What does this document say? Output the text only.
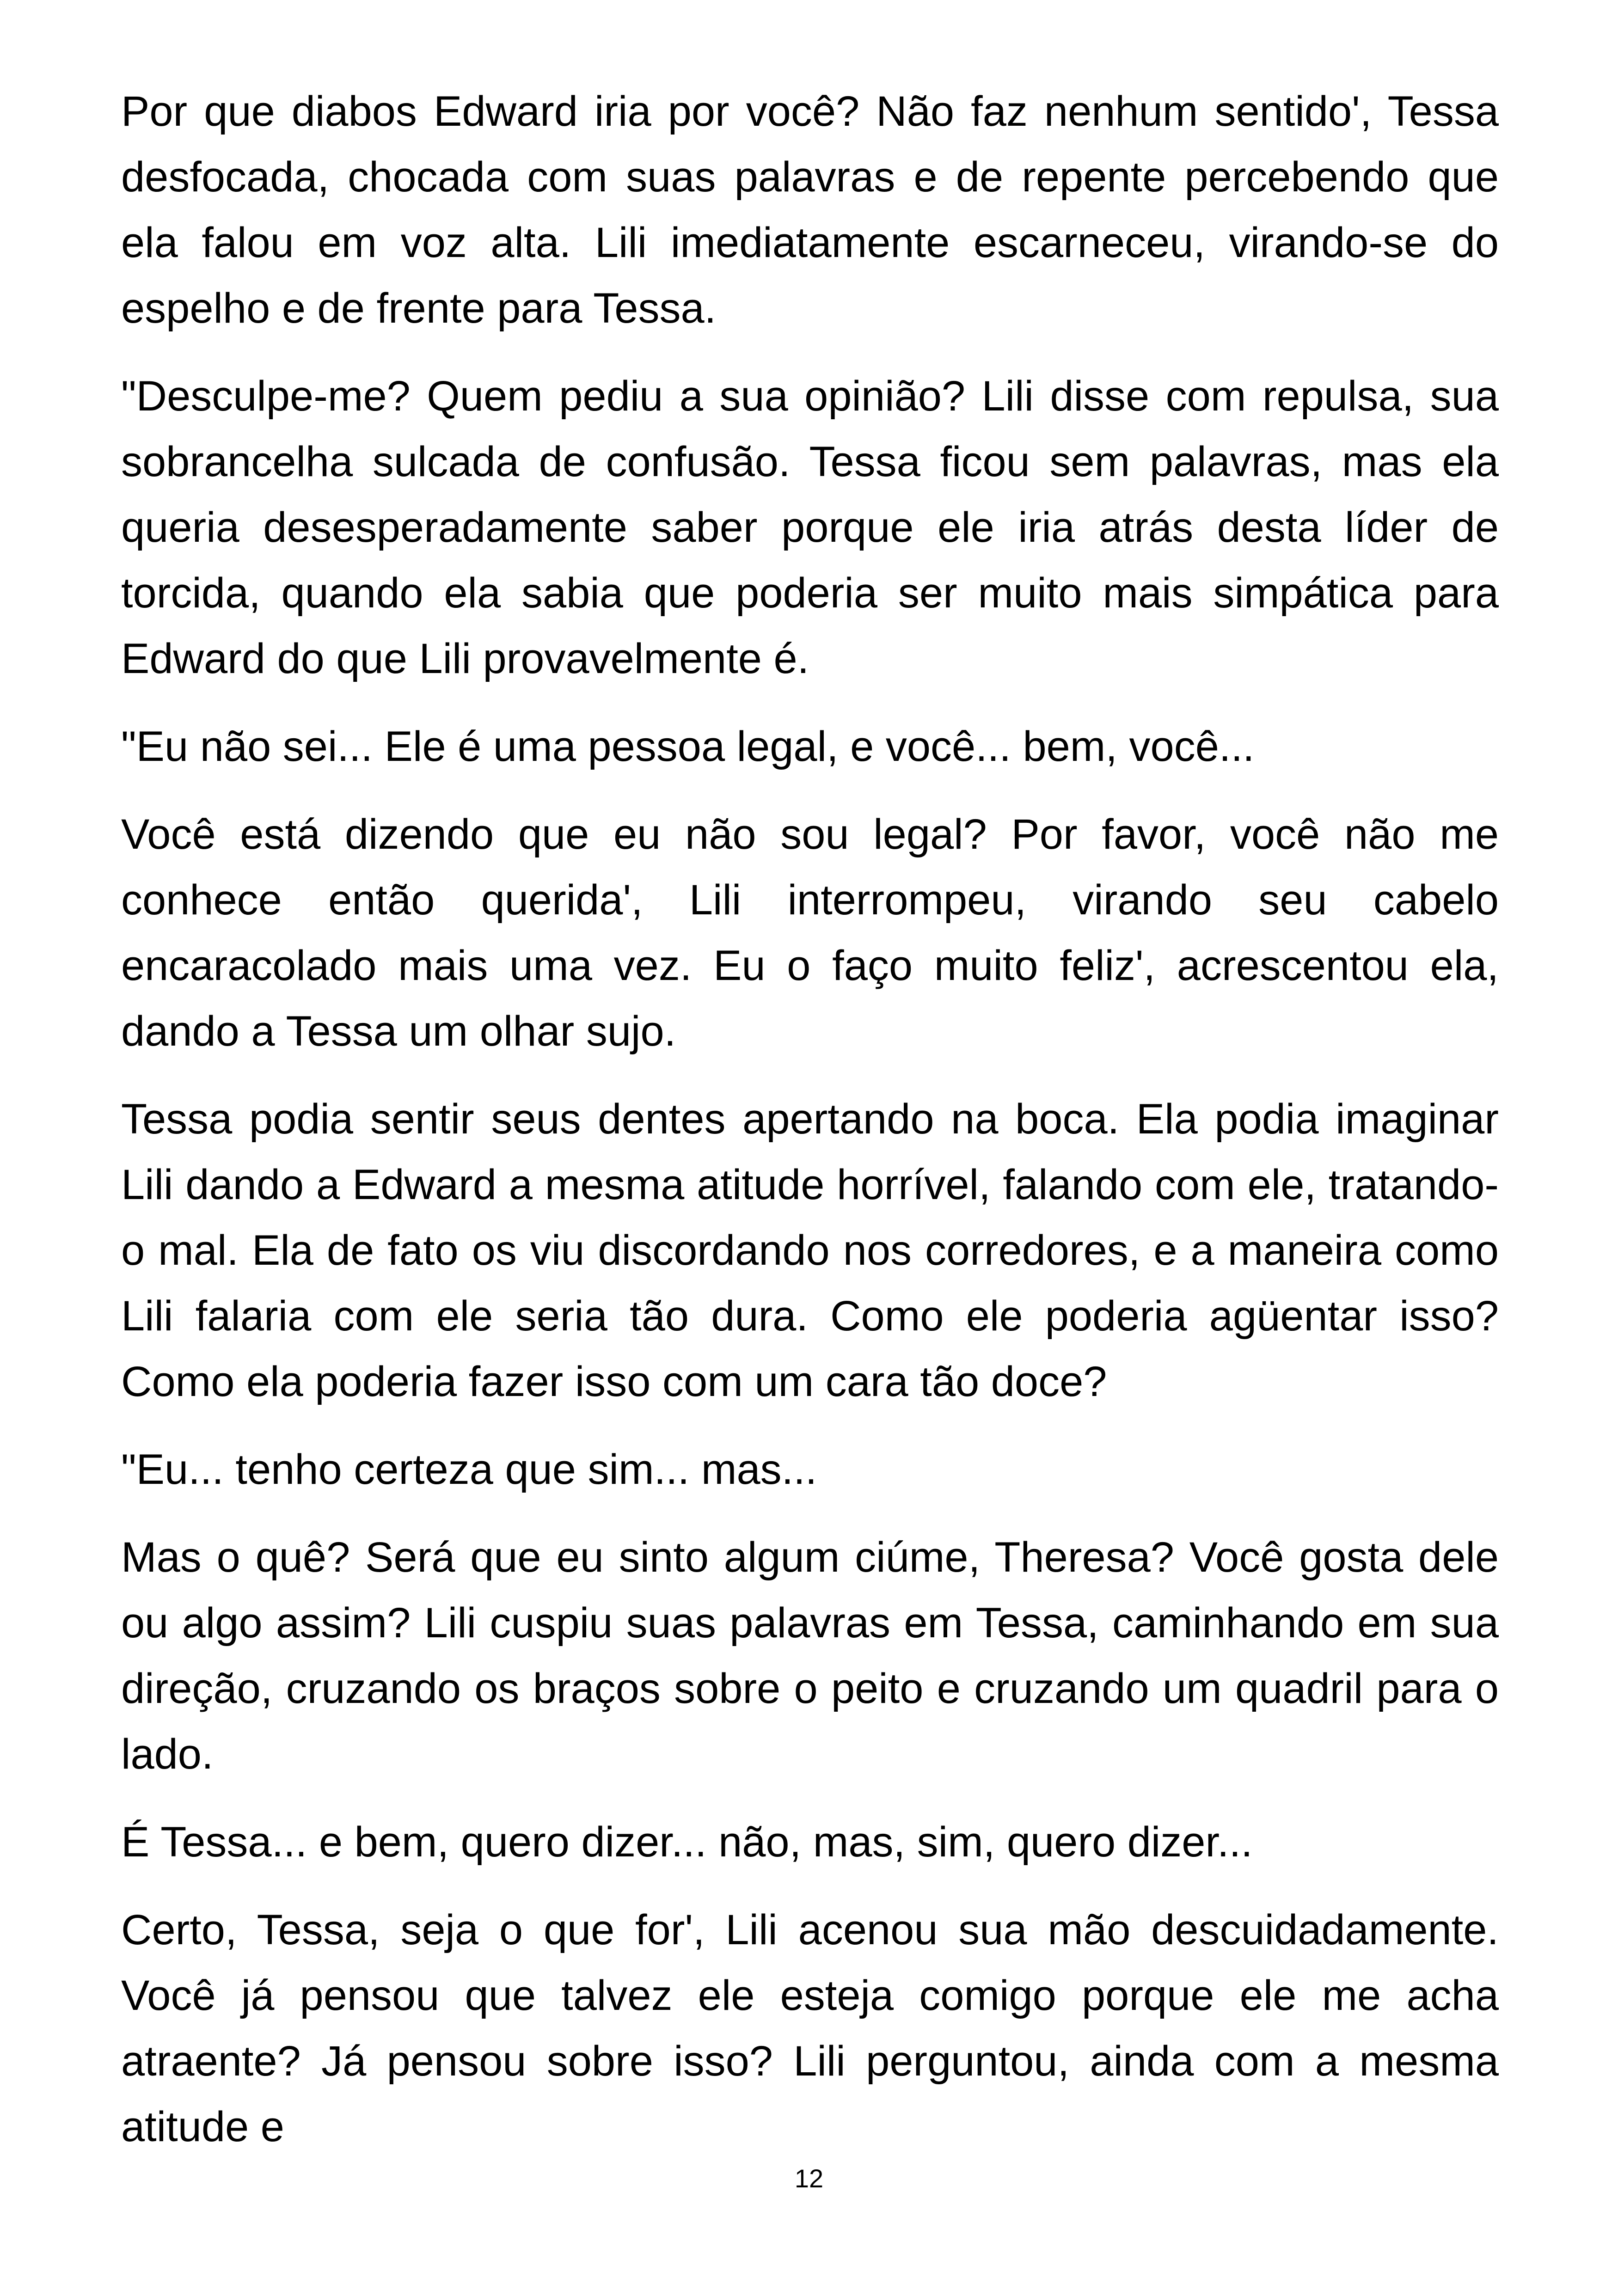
Por que diabos Edward iria por você? Não faz nenhum sentido', Tessa desfocada, chocada com suas palavras e de repente percebendo que ela falou em voz alta. Lili imediatamente escarneceu, virando-se do espelho e de frente para Tessa.

"Desculpe-me? Quem pediu a sua opinião? Lili disse com repulsa, sua sobrancelha sulcada de confusão. Tessa ficou sem palavras, mas ela queria desesperadamente saber porque ele iria atrás desta líder de torcida, quando ela sabia que poderia ser muito mais simpática para Edward do que Lili provavelmente é.

"Eu não sei... Ele é uma pessoa legal, e você... bem, você...

Você está dizendo que eu não sou legal? Por favor, você não me conhece então querida', Lili interrompeu, virando seu cabelo encaracolado mais uma vez. Eu o faço muito feliz', acrescentou ela, dando a Tessa um olhar sujo.

Tessa podia sentir seus dentes apertando na boca. Ela podia imaginar Lili dando a Edward a mesma atitude horrível, falando com ele, tratando-o mal. Ela de fato os viu discordando nos corredores, e a maneira como Lili falaria com ele seria tão dura. Como ele poderia agüentar isso? Como ela poderia fazer isso com um cara tão doce?

"Eu... tenho certeza que sim... mas...

Mas o quê? Será que eu sinto algum ciúme, Theresa? Você gosta dele ou algo assim? Lili cuspiu suas palavras em Tessa, caminhando em sua direção, cruzando os braços sobre o peito e cruzando um quadril para o lado.

É Tessa... e bem, quero dizer... não, mas, sim, quero dizer...

Certo, Tessa, seja o que for', Lili acenou sua mão descuidadamente. Você já pensou que talvez ele esteja comigo porque ele me acha atraente? Já pensou sobre isso? Lili perguntou, ainda com a mesma atitude e

12
